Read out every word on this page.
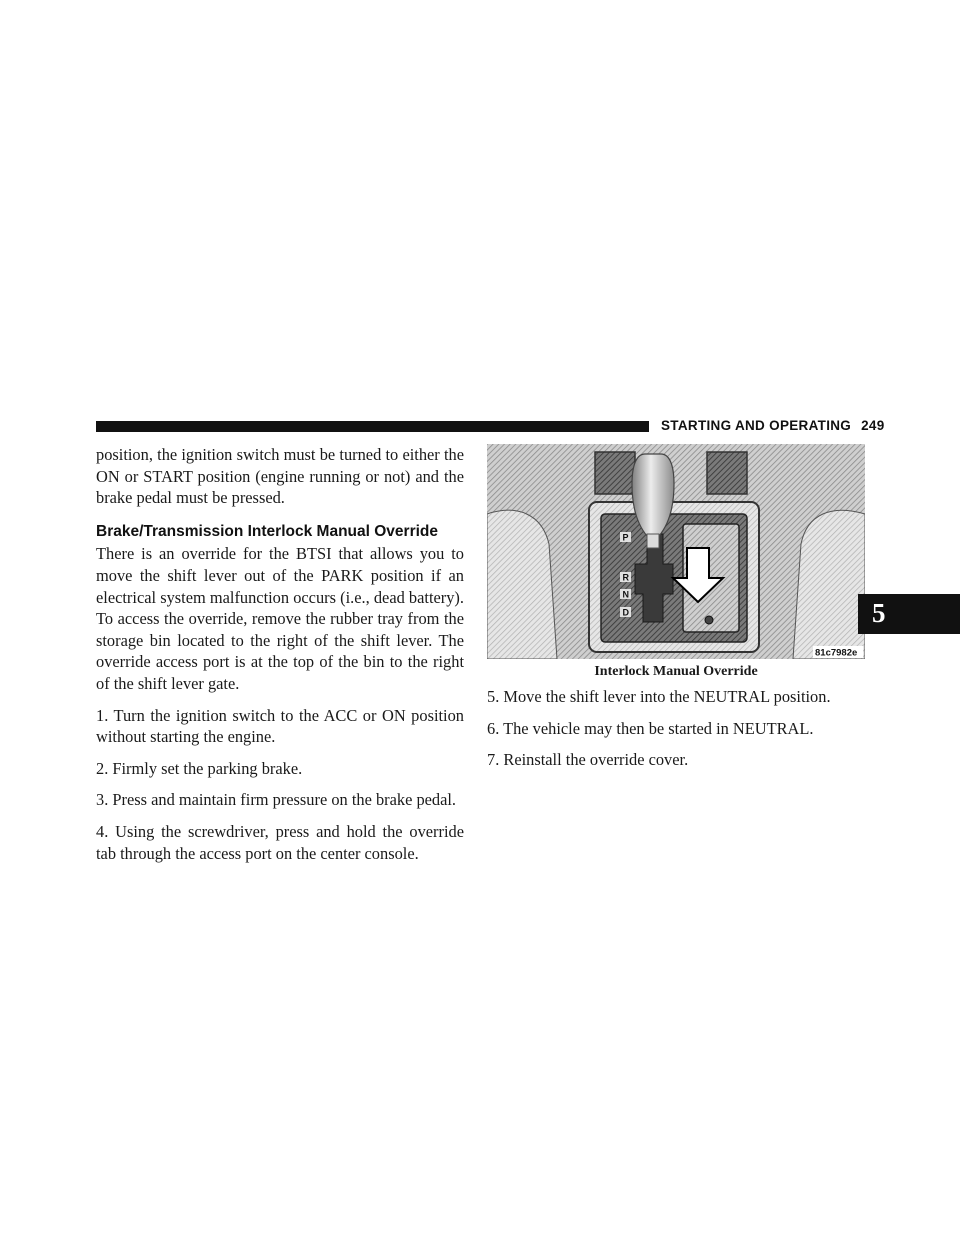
STARTING AND OPERATING 249

position, the ignition switch must be turned to either the ON or START position (engine running or not) and the brake pedal must be pressed.

Brake/Transmission Interlock Manual Override

There is an override for the BTSI that allows you to move the shift lever out of the PARK position if an electrical system malfunction occurs (i.e., dead battery). To access the override, remove the rubber tray from the storage bin located to the right of the shift lever. The override access port is at the top of the bin to the right of the shift lever gate.

1. Turn the ignition switch to the ACC or ON position without starting the engine.

2. Firmly set the parking brake.

3. Press and maintain firm pressure on the brake pedal.

4. Using the screwdriver, press and hold the override tab through the access port on the center console.

P
R
N
D
81c7982e
Interlock Manual Override

5. Move the shift lever into the NEUTRAL position.

6. The vehicle may then be started in NEUTRAL.

7. Reinstall the override cover.

5
